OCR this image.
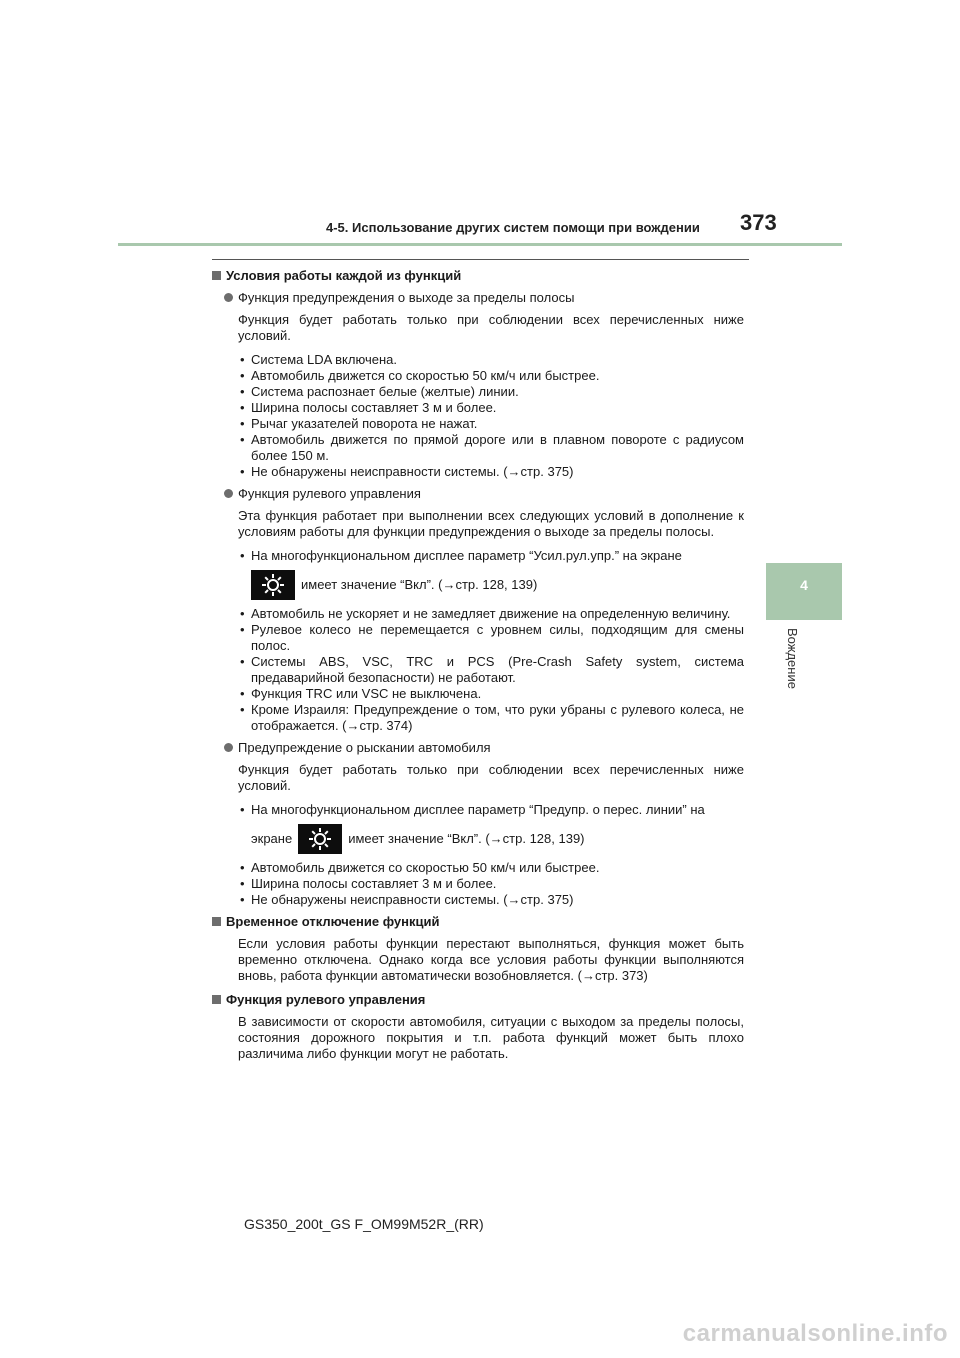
4-5. Использование других систем помощи при вождении 373
4
Вождение
Условия работы каждой из функций
Функция предупреждения о выходе за пределы полосы
Функция будет работать только при соблюдении всех перечисленных ниже условий.
• Система LDA включена.
• Автомобиль движется со скоростью 50 км/ч или быстрее.
• Система распознает белые (желтые) линии.
• Ширина полосы составляет 3 м и более.
• Рычаг указателей поворота не нажат.
• Автомобиль движется по прямой дороге или в плавном повороте с радиусом более 150 м.
• Не обнаружены неисправности системы. (→стр. 375)
Функция рулевого управления
Эта функция работает при выполнении всех следующих условий в дополнение к условиям работы для функции предупреждения о выходе за пределы полосы.
• На многофункциональном дисплее параметр “Усил.рул.упр.” на экране
имеет значение “Вкл”. (→стр. 128, 139)
• Автомобиль не ускоряет и не замедляет движение на определенную величину.
• Рулевое колесо не перемещается с уровнем силы, подходящим для смены полос.
• Системы ABS, VSC, TRC и PCS (Pre-Crash Safety system, система предаварийной безопасности) не работают.
• Функция TRC или VSC не выключена.
• Кроме Израиля: Предупреждение о том, что руки убраны с рулевого колеса, не отображается. (→стр. 374)
Предупреждение о рыскании автомобиля
Функция будет работать только при соблюдении всех перечисленных ниже условий.
• На многофункциональном дисплее параметр “Предупр. о перес. линии” на
экране	имеет значение “Вкл”. (→стр. 128, 139)
• Автомобиль движется со скоростью 50 км/ч или быстрее.
• Ширина полосы составляет 3 м и более.
• Не обнаружены неисправности системы. (→стр. 375)
Временное отключение функций
Если условия работы функции перестают выполняться, функция может быть временно отключена. Однако когда все условия работы функции выполняются вновь, работа функции автоматически возобновляется. (→стр. 373)
Функция рулевого управления
В зависимости от скорости автомобиля, ситуации с выходом за пределы полосы, состояния дорожного покрытия и т.п. работа функций может быть плохо различима либо функции могут не работать.
GS350_200t_GS F_OM99M52R_(RR)
carmanualsonline.info
